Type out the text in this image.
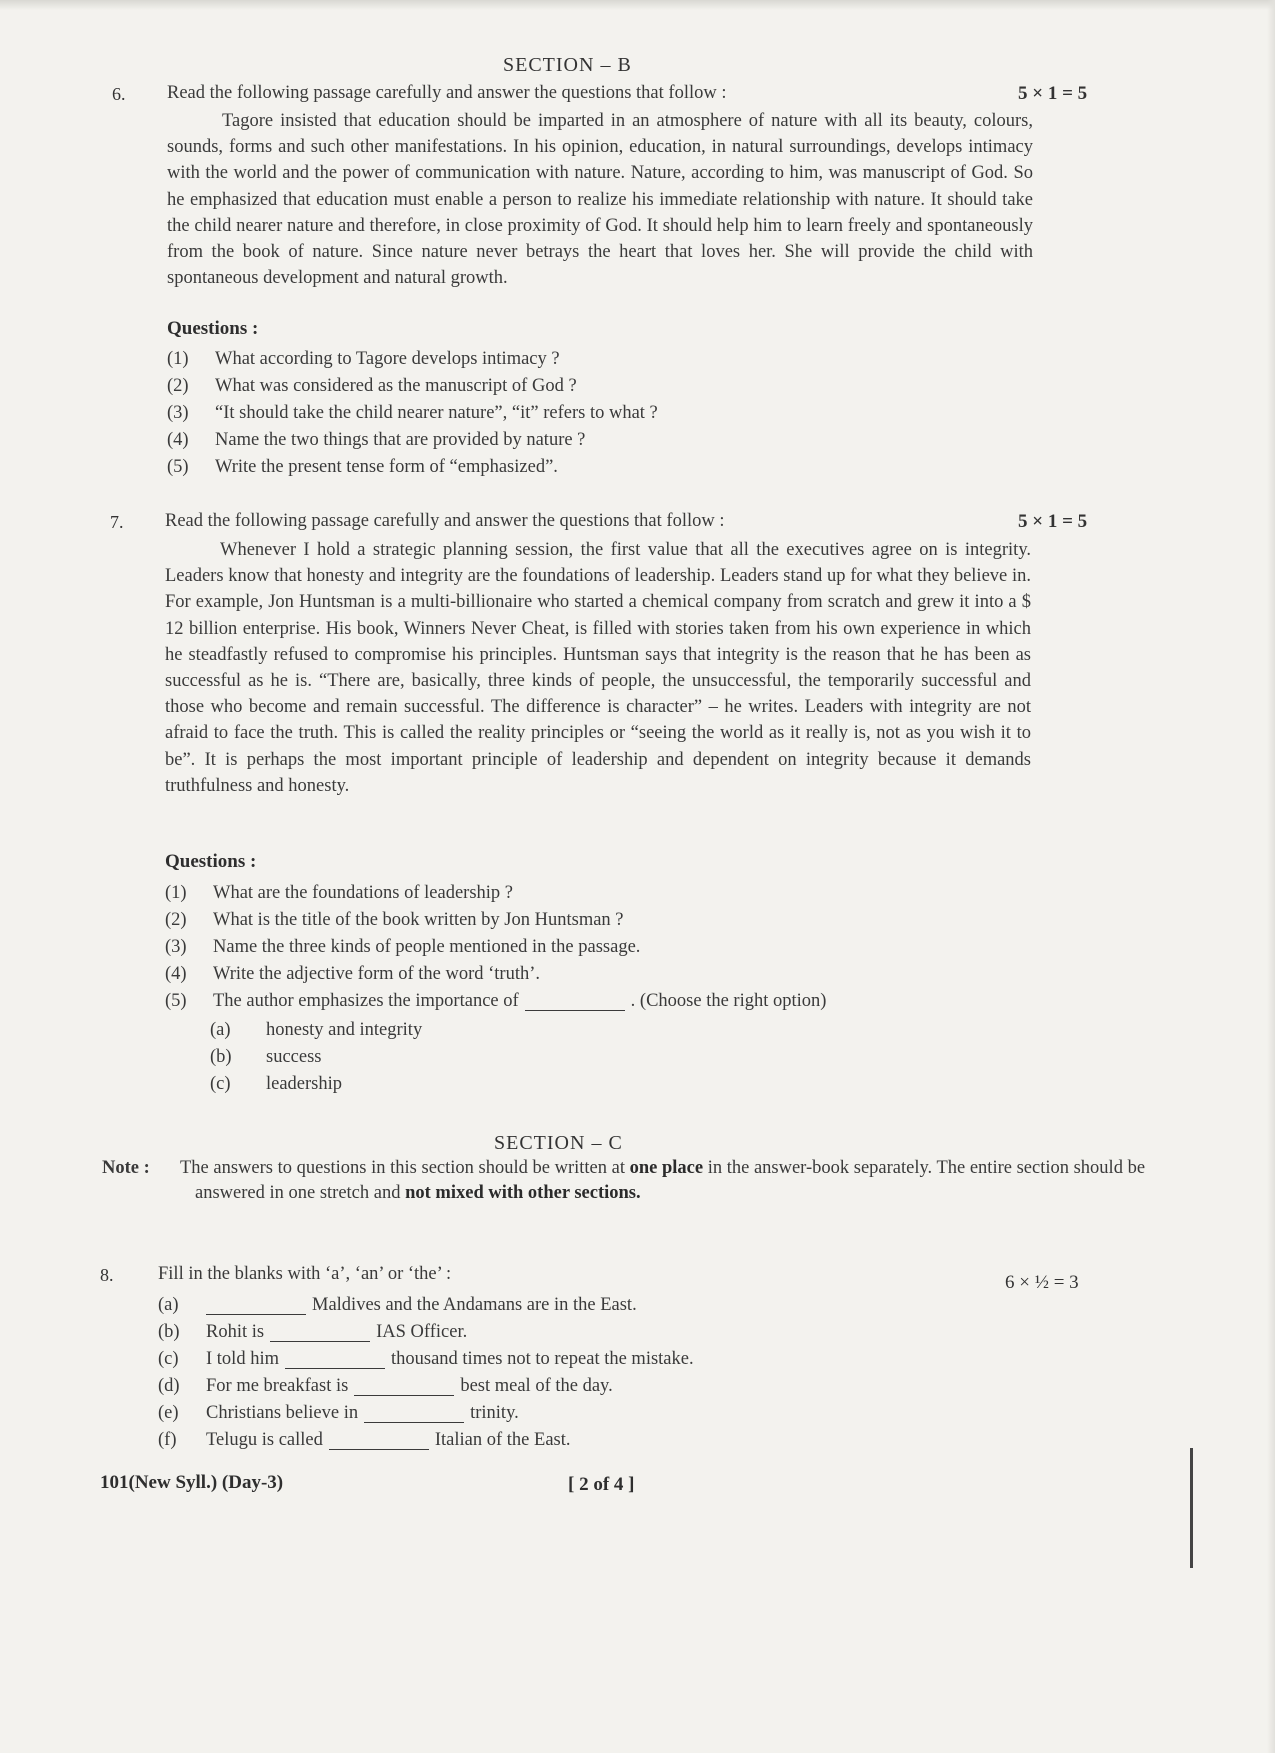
SECTION – B
6. Read the following passage carefully and answer the questions that follow :	5 × 1 = 5

Tagore insisted that education should be imparted in an atmosphere of nature with all its beauty, colours, sounds, forms and such other manifestations. In his opinion, education, in natural surroundings, develops intimacy with the world and the power of communication with nature. Nature, according to him, was manuscript of God. So he emphasized that education must enable a person to realize his immediate relationship with nature. It should take the child nearer nature and therefore, in close proximity of God. It should help him to learn freely and spontaneously from the book of nature. Since nature never betrays the heart that loves her. She will provide the child with spontaneous development and natural growth.

Questions :
(1)	What according to Tagore develops intimacy ?
(2)	What was considered as the manuscript of God ?
(3)	“It should take the child nearer nature”, “it” refers to what ?
(4)	Name the two things that are provided by nature ?
(5)	Write the present tense form of “emphasized”.
7. Read the following passage carefully and answer the questions that follow :	5 × 1 = 5

Whenever I hold a strategic planning session, the first value that all the executives agree on is integrity. Leaders know that honesty and integrity are the foundations of leadership. Leaders stand up for what they believe in. For example, Jon Huntsman is a multi-billionaire who started a chemical company from scratch and grew it into a $ 12 billion enterprise. His book, Winners Never Cheat, is filled with stories taken from his own experience in which he steadfastly refused to compromise his principles. Huntsman says that integrity is the reason that he has been as successful as he is. “There are, basically, three kinds of people, the unsuccessful, the temporarily successful and those who become and remain successful. The difference is character” – he writes. Leaders with integrity are not afraid to face the truth. This is called the reality principles or “seeing the world as it really is, not as you wish it to be”. It is perhaps the most important principle of leadership and dependent on integrity because it demands truthfulness and honesty.

Questions :
(1)	What are the foundations of leadership ?
(2)	What is the title of the book written by Jon Huntsman ?
(3)	Name the three kinds of people mentioned in the passage.
(4)	Write the adjective form of the word ‘truth’.
(5)	The author emphasizes the importance of	. (Choose the right option)
(a)	honesty and integrity
(b)	success
(c)	leadership
SECTION – C
Note : The answers to questions in this section should be written at one place in the answer-book separately. The entire section should be answered in one stretch and not mixed with other sections.
8. Fill in the blanks with ‘a’, ‘an’ or ‘the’ :	6 × ½ = 3
(a)	Maldives and the Andamans are in the East.
(b)	Rohit is	IAS Officer.
(c)	I told him	thousand times not to repeat the mistake.
(d)	For me breakfast is	best meal of the day.
(e)	Christians believe in	trinity.
(f)	Telugu is called	Italian of the East.
101(New Syll.) (Day-3)	[ 2 of 4 ]
